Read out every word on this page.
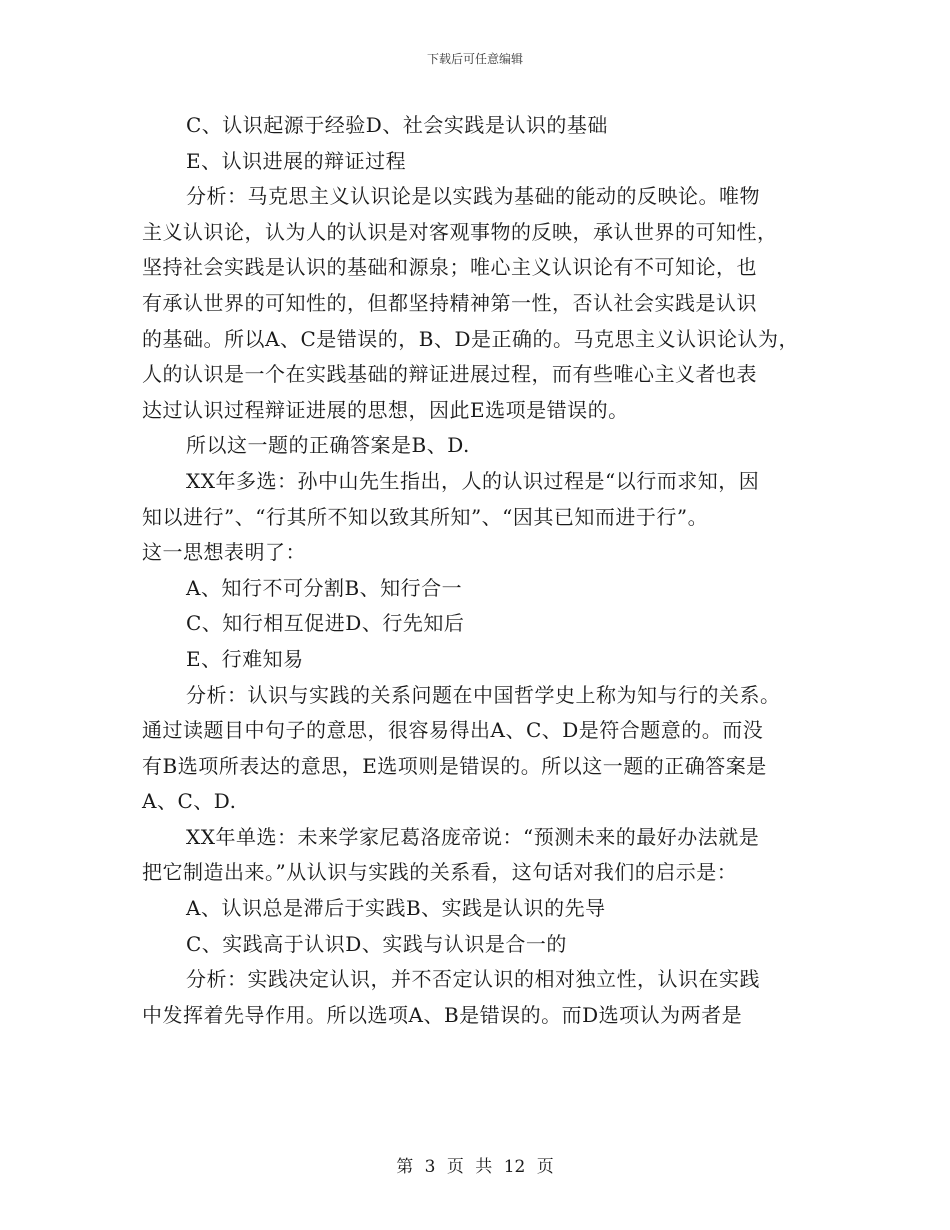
下载后可任意编辑
C、认识起源于经验D、社会实践是认识的基础
E、认识进展的辩证过程
分析：马克思主义认识论是以实践为基础的能动的反映论。唯物
主义认识论，认为人的认识是对客观事物的反映，承认世界的可知性，
坚持社会实践是认识的基础和源泉；唯心主义认识论有不可知论，也
有承认世界的可知性的，但都坚持精神第一性，否认社会实践是认识
的基础。所以A、C是错误的，B、D是正确的。马克思主义认识论认为，
人的认识是一个在实践基础的辩证进展过程，而有些唯心主义者也表
达过认识过程辩证进展的思想，因此E选项是错误的。
所以这一题的正确答案是B、D.
XX年多选：孙中山先生指出，人的认识过程是“以行而求知，因
知以进行”、“行其所不知以致其所知”、“因其已知而进于行”。
这一思想表明了：
A、知行不可分割B、知行合一
C、知行相互促进D、行先知后
E、行难知易
分析：认识与实践的关系问题在中国哲学史上称为知与行的关系。
通过读题目中句子的意思，很容易得出A、C、D是符合题意的。而没
有B选项所表达的意思，E选项则是错误的。所以这一题的正确答案是
A、C、D.
XX年单选：未来学家尼葛洛庞帝说：“预测未来的最好办法就是
把它制造出来。”从认识与实践的关系看，这句话对我们的启示是：
A、认识总是滞后于实践B、实践是认识的先导
C、实践高于认识D、实践与认识是合一的
分析：实践决定认识，并不否定认识的相对独立性，认识在实践
中发挥着先导作用。所以选项A、B是错误的。而D选项认为两者是
第 3 页 共 12 页
